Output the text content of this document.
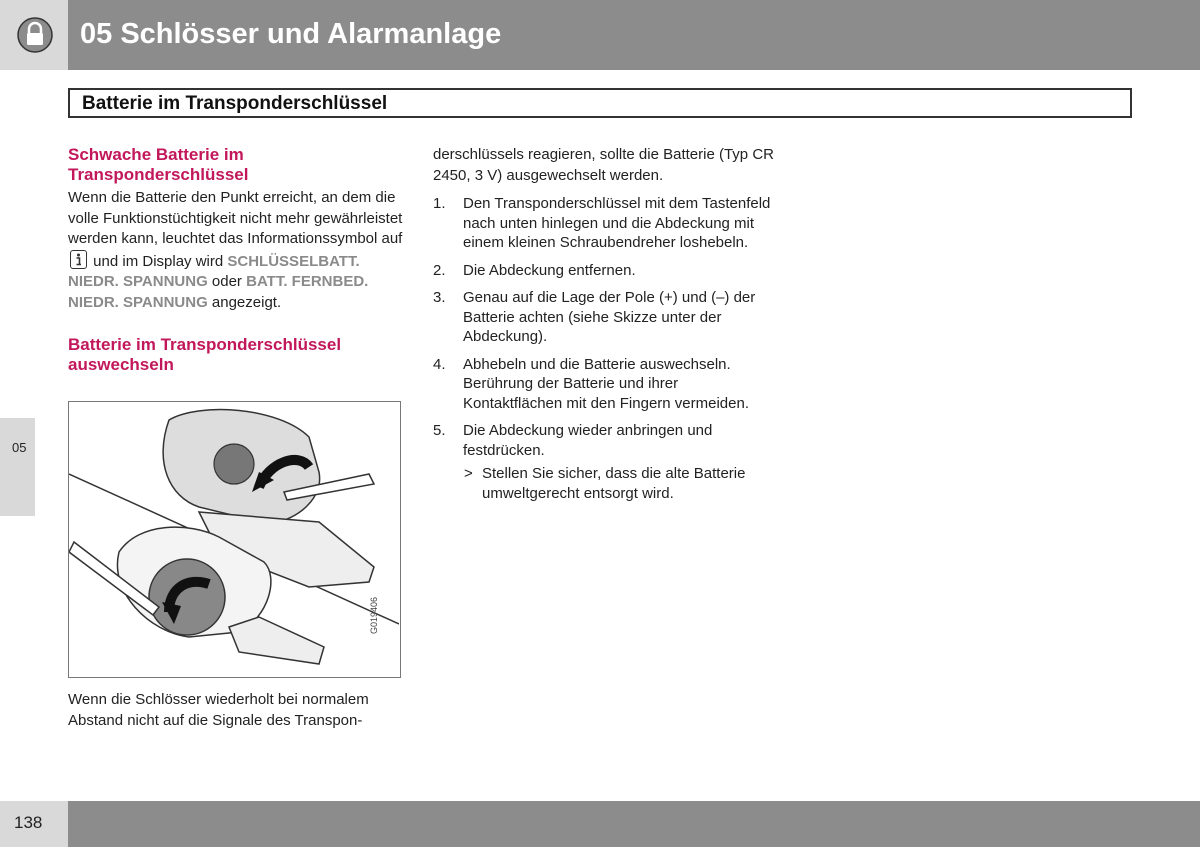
05 Schlösser und Alarmanlage
Batterie im Transponderschlüssel
05
Schwache Batterie im Transponderschlüssel

Wenn die Batterie den Punkt erreicht, an dem die volle Funktionstüchtigkeit nicht mehr gewährleistet werden kann, leuchtet das Informationssymbol auf
und im Display wird SCHLÜSSELBATT. NIEDR. SPANNUNG oder BATT. FERNBED. NIEDR. SPANNUNG angezeigt.

Batterie im Transponderschlüssel auswechseln
G019406
Wenn die Schlösser wiederholt bei normalem Abstand nicht auf die Signale des Transpon-

derschlüssels reagieren, sollte die Batterie (Typ CR 2450, 3 V) ausgewechselt werden.

1. Den Transponderschlüssel mit dem Tastenfeld nach unten hinlegen und die Abdeckung mit einem kleinen Schraubendreher loshebeln.
2. Die Abdeckung entfernen.
3. Genau auf die Lage der Pole (+) und (–) der Batterie achten (siehe Skizze unter der Abdeckung).
4. Abhebeln und die Batterie auswechseln. Berührung der Batterie und ihrer Kontaktflächen mit den Fingern vermeiden.
5. Die Abdeckung wieder anbringen und festdrücken.
> Stellen Sie sicher, dass die alte Batterie umweltgerecht entsorgt wird.
138
